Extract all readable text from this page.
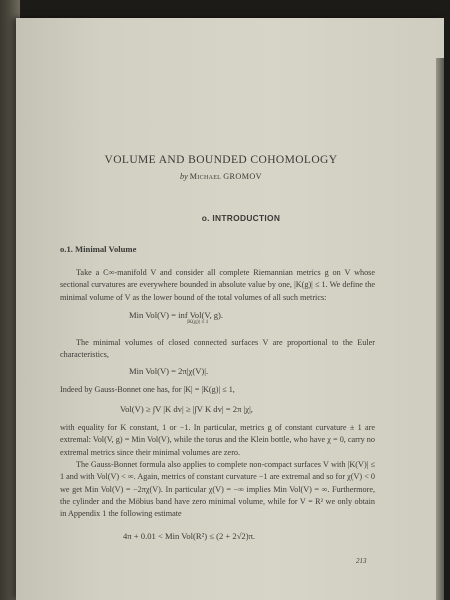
VOLUME AND BOUNDED COHOMOLOGY
by Michael GROMOV
o. INTRODUCTION
o.1. Minimal Volume
Take a C∞-manifold V and consider all complete Riemannian metrics g on V whose sectional curvatures are everywhere bounded in absolute value by one, |K(g)| ≤ 1. We define the minimal volume of V as the lower bound of the total volumes of all such metrics:
Min Vol(V) = inf Vol(V, g).
|K(g)| ≤ 1
The minimal volumes of closed connected surfaces V are proportional to the Euler characteristics,
Min Vol(V) = 2π|χ(V)|.
Indeed by Gauss-Bonnet one has, for |K| = |K(g)| ≤ 1,
Vol(V) ≥ ∫V |K dv| ≥ |∫V K dv| = 2π |χ|,
with equality for K constant, 1 or −1. In particular, metrics g of constant curvature ± 1 are extremal: Vol(V, g) = Min Vol(V), while the torus and the Klein bottle, who have χ = 0, carry no extremal metrics since their minimal volumes are zero.
The Gauss-Bonnet formula also applies to complete non-compact surfaces V with |K(V)| ≤ 1 and with Vol(V) < ∞. Again, metrics of constant curvature −1 are extremal and so for χ(V) < 0 we get Min Vol(V) = −2πχ(V). In particular χ(V) = −∞ implies Min Vol(V) = ∞. Furthermore, the cylinder and the Möbius band have zero minimal volume, while for V = R² we only obtain in Appendix 1 the following estimate
4π + 0.01 < Min Vol(R²) ≤ (2 + 2√2)π.
213
